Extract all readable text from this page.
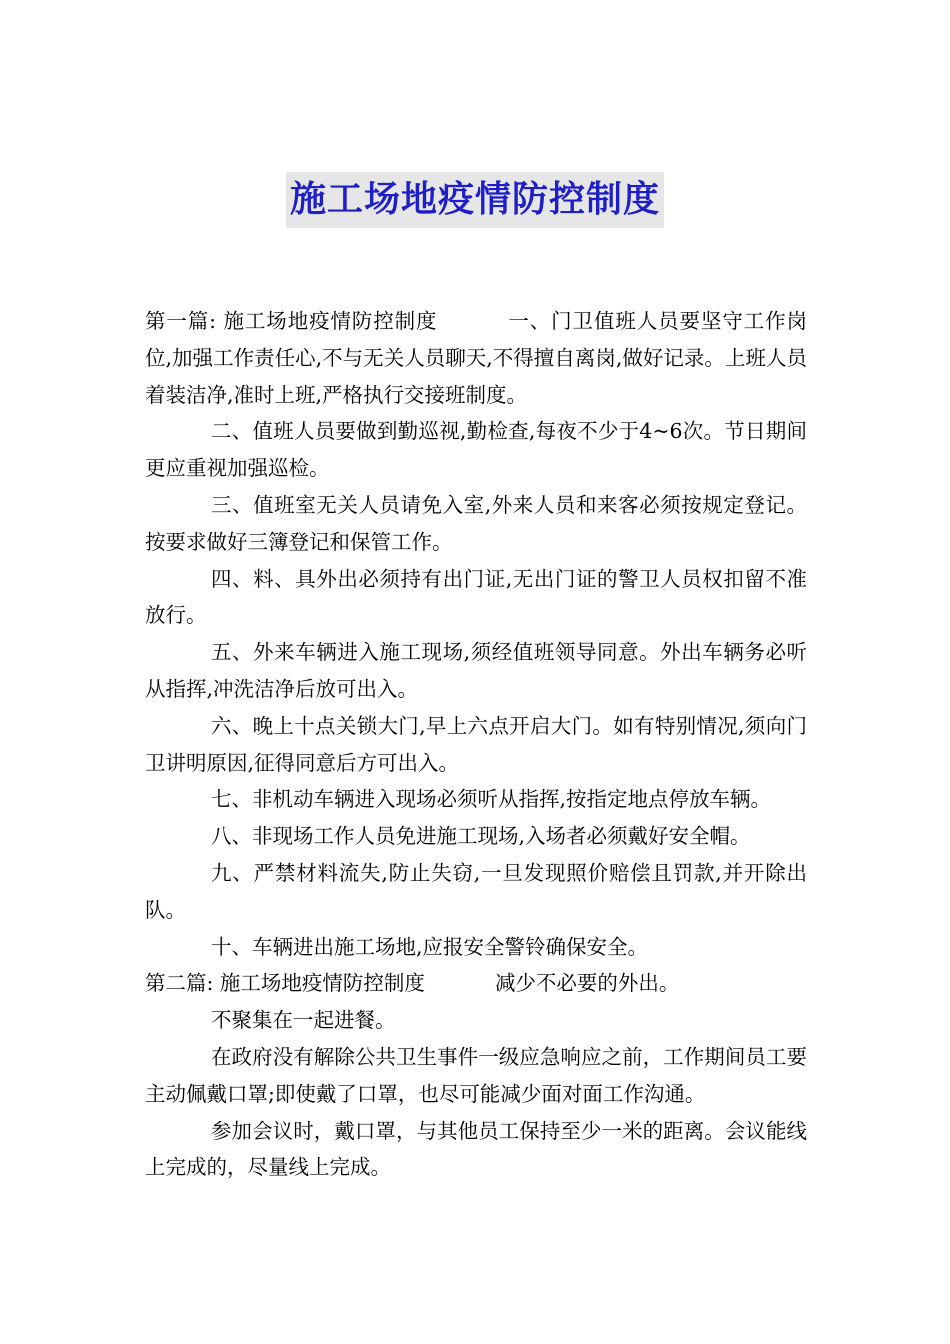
施工场地疫情防控制度

第一篇: 施工场地疫情防控制度	一、门卫值班人员要坚守工作岗位,加强工作责任心,不与无关人员聊天,不得擅自离岗,做好记录。上班人员着装洁净,准时上班,严格执行交接班制度。

二、值班人员要做到勤巡视,勤检查,每夜不少于4~6次。节日期间更应重视加强巡检。

三、值班室无关人员请免入室,外来人员和来客必须按规定登记。按要求做好三簿登记和保管工作。

四、料、具外出必须持有出门证,无出门证的警卫人员权扣留不准放行。

五、外来车辆进入施工现场,须经值班领导同意。外出车辆务必听从指挥,冲洗洁净后放可出入。

六、晚上十点关锁大门,早上六点开启大门。如有特别情况,须向门卫讲明原因,征得同意后方可出入。

七、非机动车辆进入现场必须听从指挥,按指定地点停放车辆。

八、非现场工作人员免进施工现场,入场者必须戴好安全帽。

九、严禁材料流失,防止失窃,一旦发现照价赔偿且罚款,并开除出队。

十、车辆进出施工场地,应报安全警铃确保安全。

第二篇: 施工场地疫情防控制度	减少不必要的外出。

不聚集在一起进餐。

在政府没有解除公共卫生事件一级应急响应之前，工作期间员工要主动佩戴口罩;即使戴了口罩，也尽可能减少面对面工作沟通。

参加会议时，戴口罩，与其他员工保持至少一米的距离。会议能线上完成的，尽量线上完成。
